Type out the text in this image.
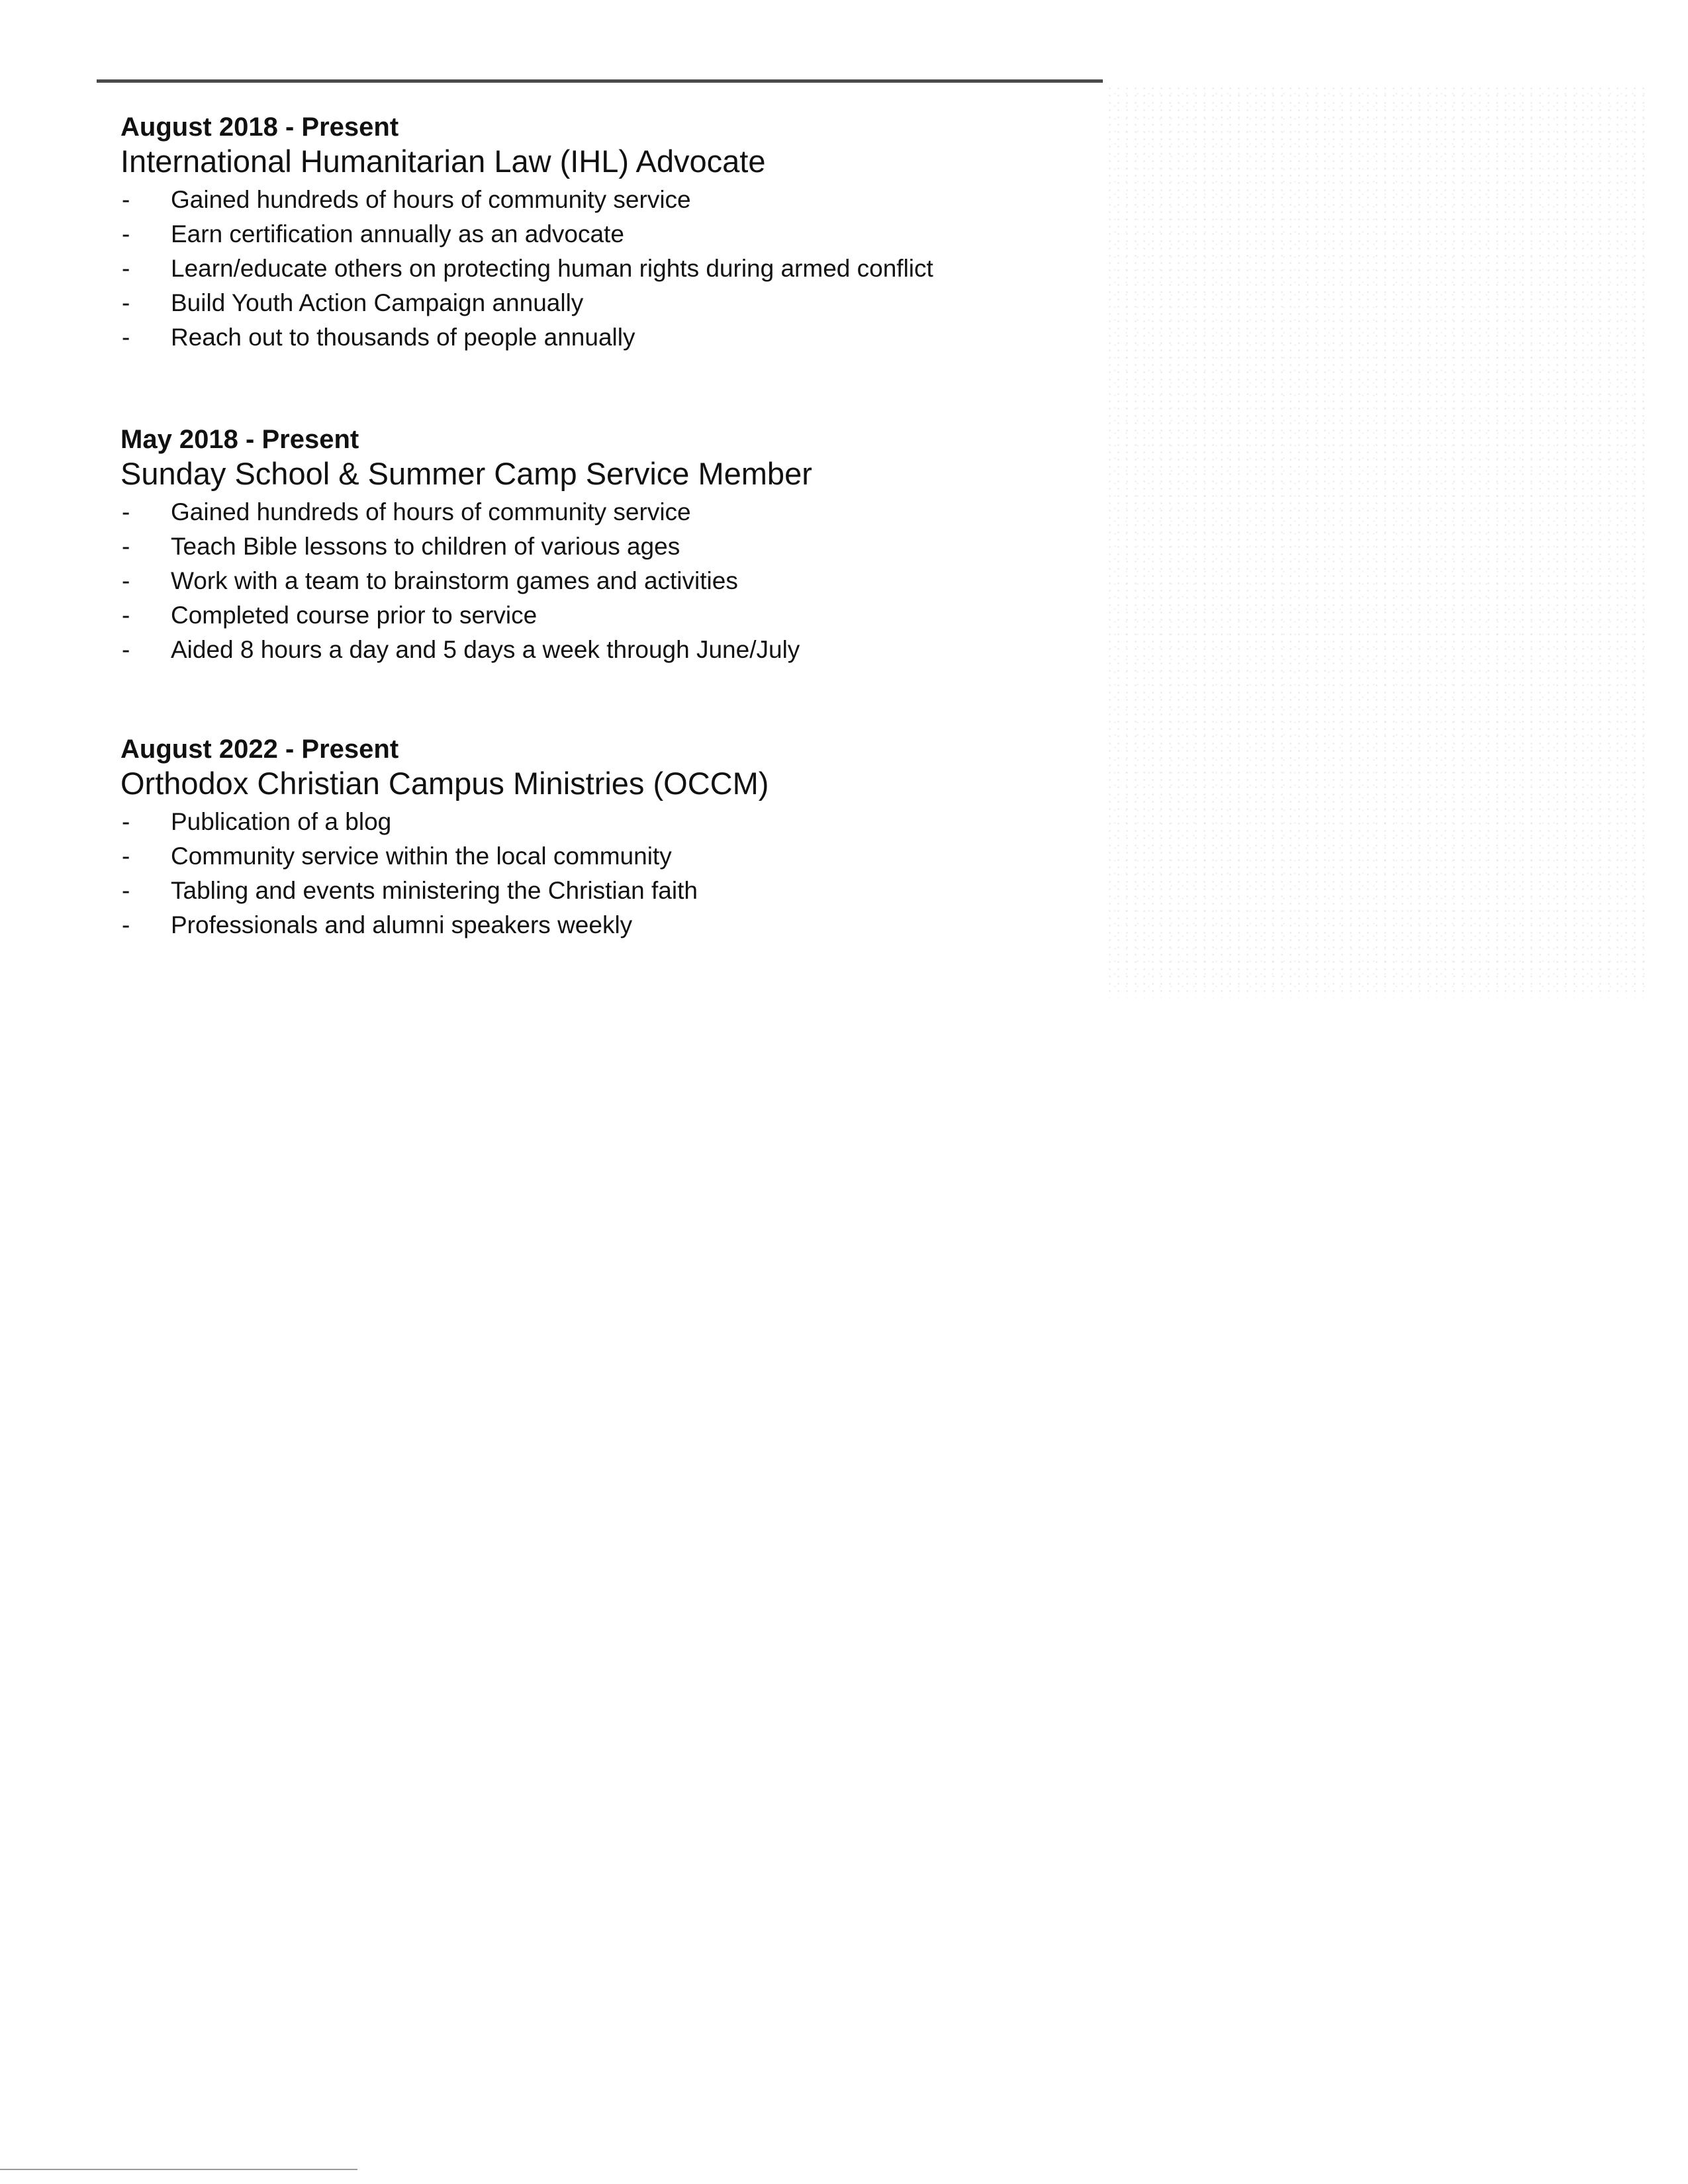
August 2018 - Present

International Humanitarian Law (IHL) Advocate

- Gained hundreds of hours of community service
- Earn certification annually as an advocate
- Learn/educate others on protecting human rights during armed conflict
- Build Youth Action Campaign annually
- Reach out to thousands of people annually

May 2018 - Present

Sunday School & Summer Camp Service Member

- Gained hundreds of hours of community service
- Teach Bible lessons to children of various ages
- Work with a team to brainstorm games and activities
- Completed course prior to service
- Aided 8 hours a day and 5 days a week through June/July

August 2022 - Present

Orthodox Christian Campus Ministries (OCCM)

- Publication of a blog
- Community service within the local community
- Tabling and events ministering the Christian faith
- Professionals and alumni speakers weekly
